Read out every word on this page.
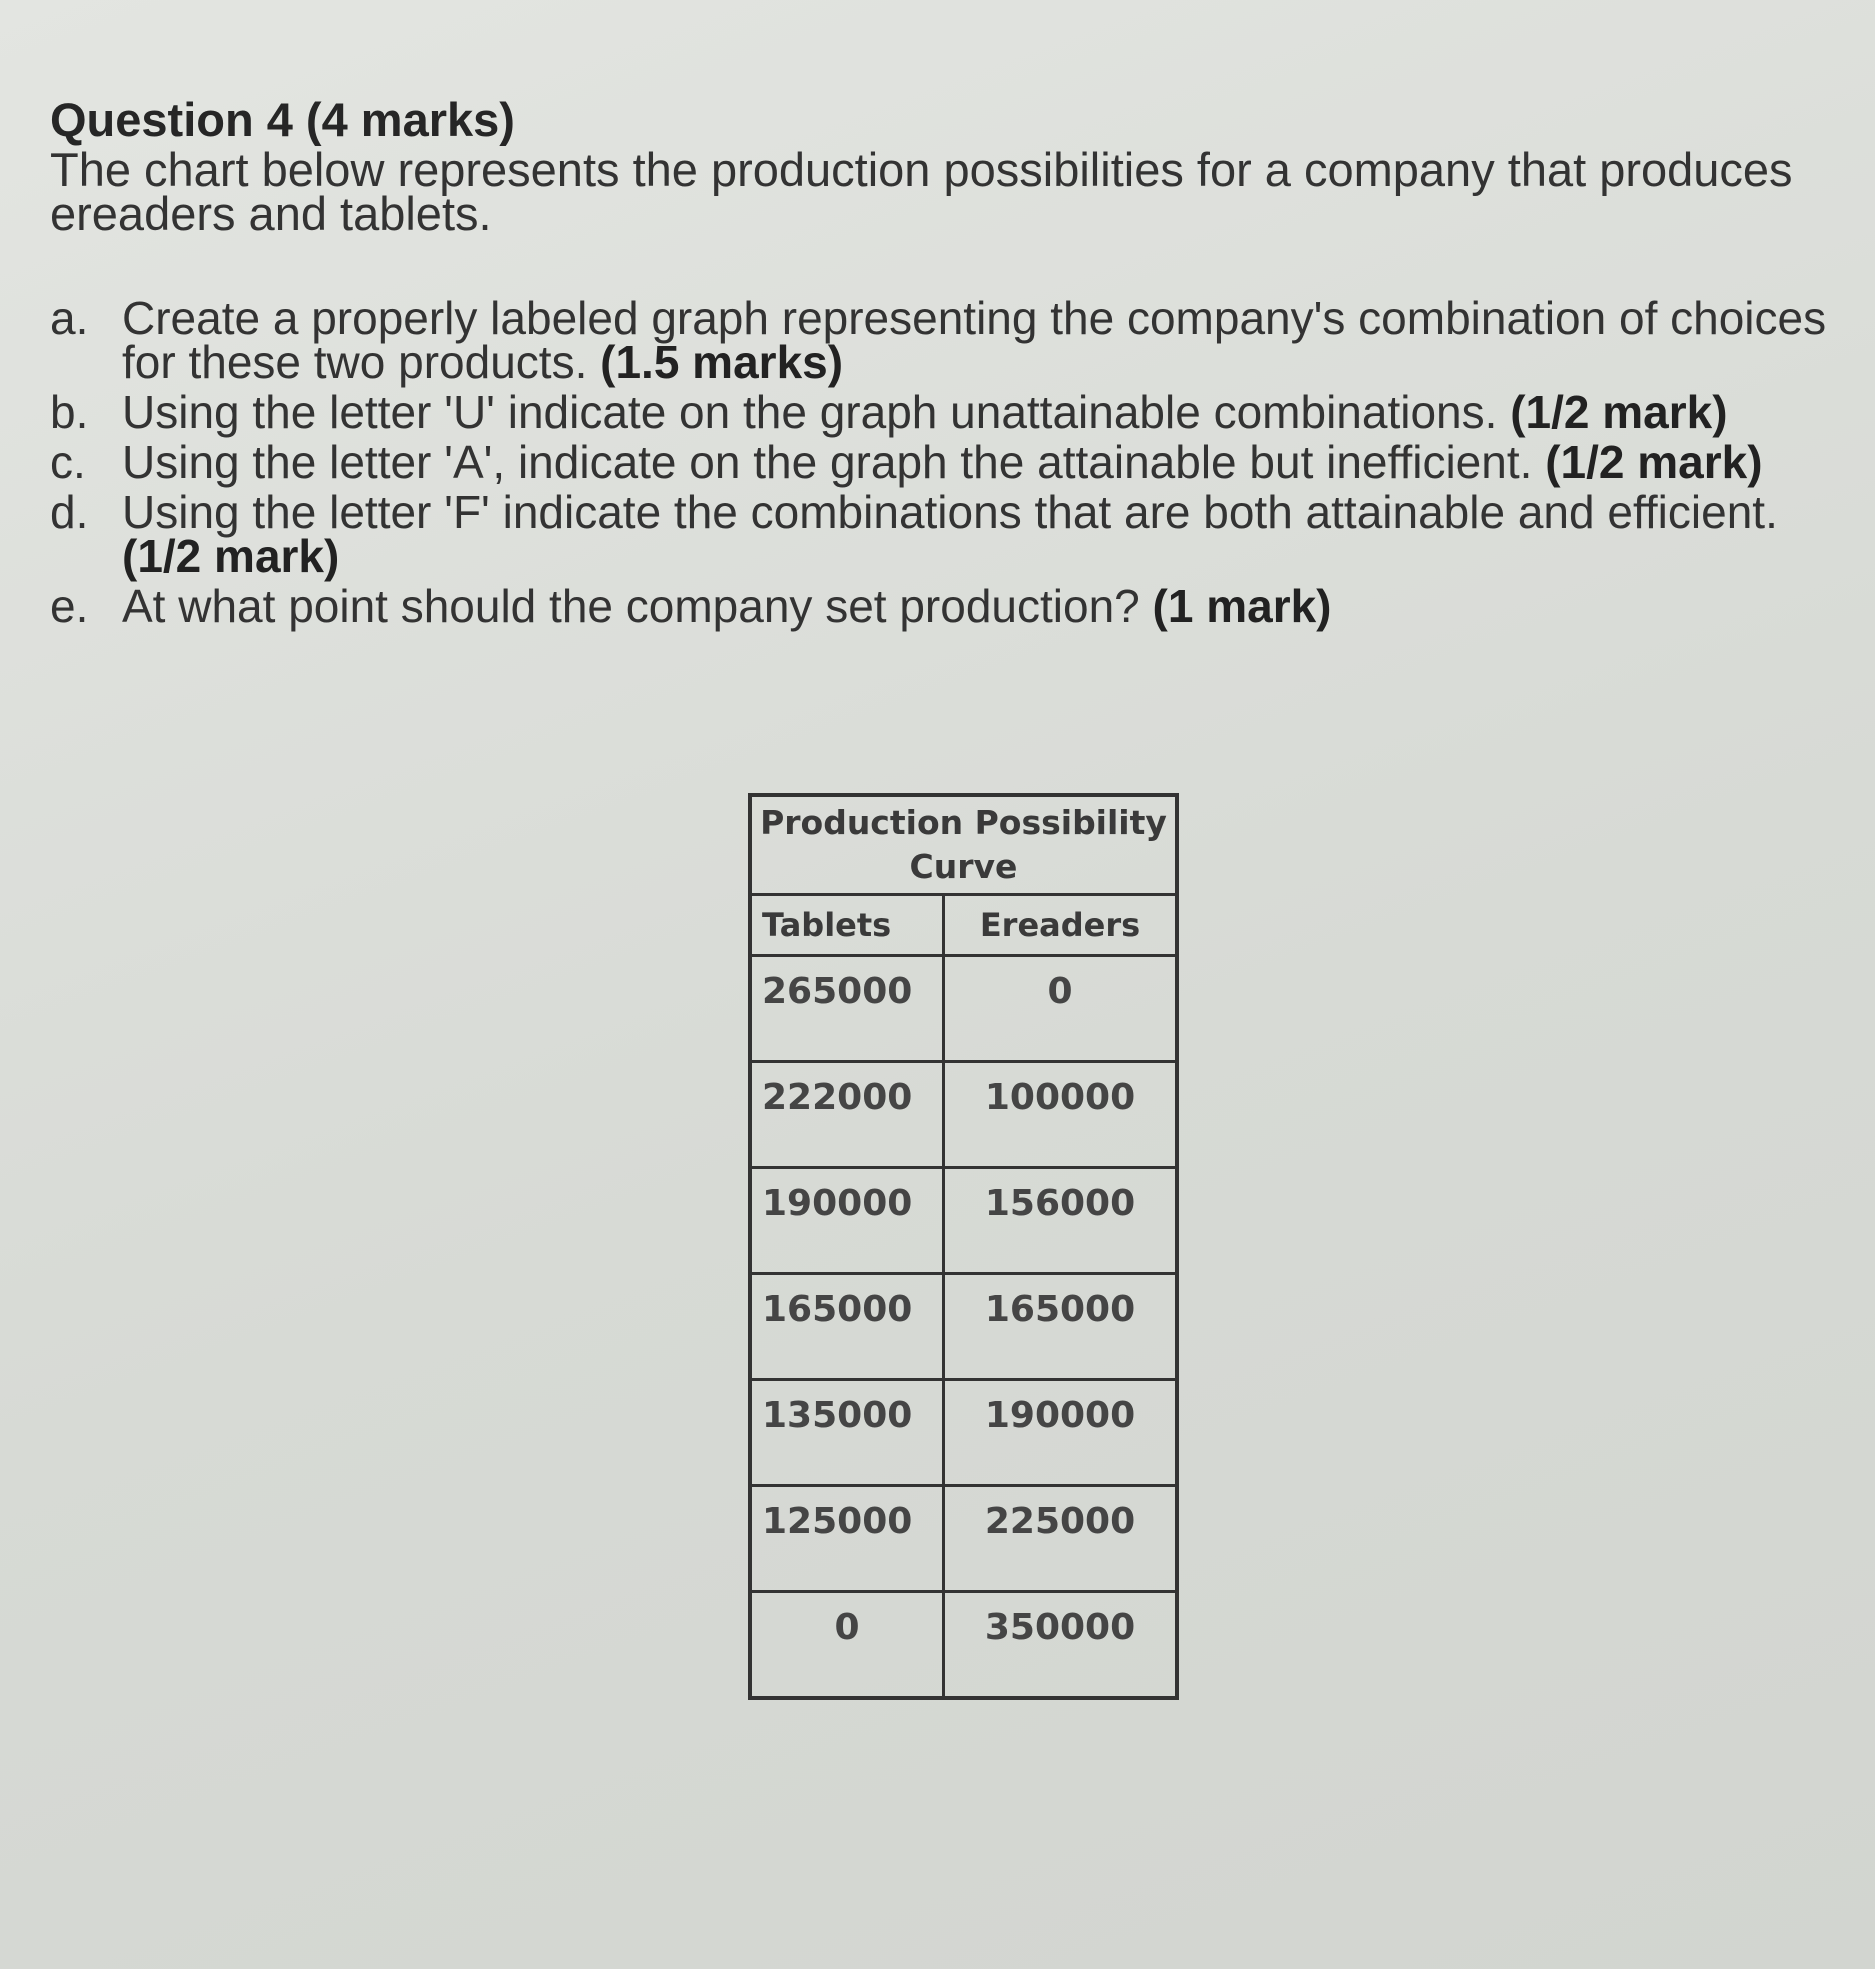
Question 4 (4 marks)

The chart below represents the production possibilities for a company that produces ereaders and tablets.

a. Create a properly labeled graph representing the company's combination of choices for these two products. (1.5 marks)
b. Using the letter 'U' indicate on the graph unattainable combinations. (1/2 mark)
c. Using the letter 'A', indicate on the graph the attainable but inefficient. (1/2 mark)
d. Using the letter 'F' indicate the combinations that are both attainable and efficient. (1/2 mark)
e. At what point should the company set production? (1 mark)
Production Possibility Curve	
Tablets	Ereaders
265000	0
222000	100000
190000	156000
165000	165000
135000	190000
125000	225000
0	350000
